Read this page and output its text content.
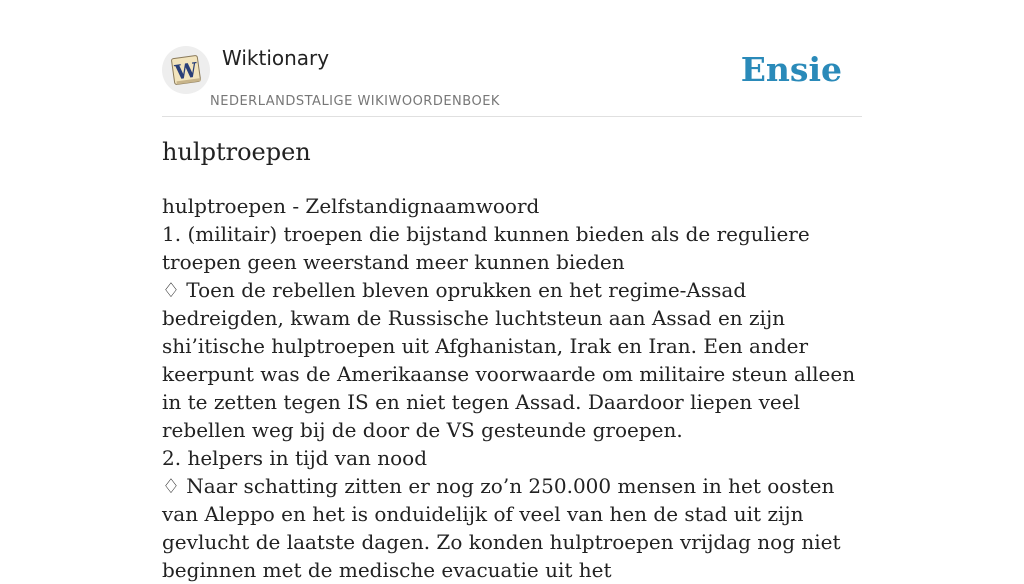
W Wiktionary
NEDERLANDSTALIGE WIKIWOORDENBOEK
Ensie
hulptroepen
hulptroepen - Zelfstandignaamwoord
1. (militair) troepen die bijstand kunnen bieden als de reguliere troepen geen weerstand meer kunnen bieden
♢ Toen de rebellen bleven oprukken en het regime-Assad bedreigden, kwam de Russische luchtsteun aan Assad en zijn shi’itische hulptroepen uit Afghanistan, Irak en Iran. Een ander keerpunt was de Amerikaanse voorwaarde om militaire steun alleen in te zetten tegen IS en niet tegen Assad. Daardoor liepen veel rebellen weg bij de door de VS gesteunde groepen.
2. helpers in tijd van nood
♢ Naar schatting zitten er nog zo’n 250.000 mensen in het oosten van Aleppo en het is onduidelijk of veel van hen de stad uit zijn gevlucht de laatste dagen. Zo konden hulptroepen vrijdag nog niet beginnen met de medische evacuatie uit het
